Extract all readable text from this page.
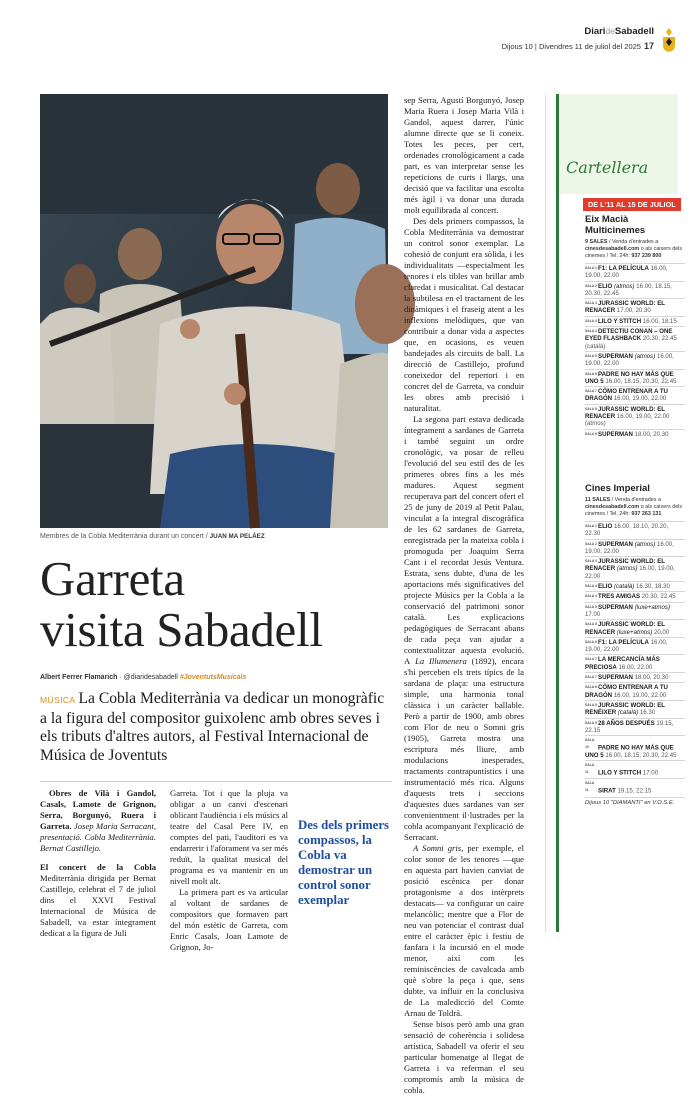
DiarideSabadell
Dijous 10 | Divendres 11 de juliol del 2025 17
Membres de la Cobla Mediterrània durant un concert / JUAN MA PELÁEZ
Garreta
visita Sabadell
Albert Ferrer Flamarich · @diaridesabadell #JoventutsMusicals
MÚSICA La Cobla Mediterrània va dedicar un monogràfic a la figura del compositor guixolenc amb obres seves i els tributs d'altres autors, al Festival Internacional de Música de Joventuts

Obres de Vilà i Gandol, Casals, Lamote de Grignon, Serra, Borgunyó, Ruera i Garreta. Josep Maria Serracant, presentació. Cobla Mediterrània. Bernat Castillejo.

El concert de la Cobla Mediterrània dirigida per Bernat Castillejo, celebrat el 7 de juliol dins el XXVI Festival Internacional de Música de Sabadell, va estar íntegrament dedicat a la figura de Juli

Garreta. Tot i que la pluja va obligar a un canvi d'escenari oblicant l'audiència i els músics al teatre del Casal Pere IV, en comptes del pati, l'auditori es va endarrerir i l'aforament va ser més reduït, la qualitat musical del programa es va mantenir en un nivell molt alt.

La primera part es va articular al voltant de sardanes de compositors que formaven part del món estètic de Garreta, com Enric Casals, Joan Lamote de Grignon, Jo-

Des dels primers compassos, la Cobla va demostrar un control sonor exemplar

sep Serra, Agustí Borgunyó, Josep Maria Ruera i Josep Maria Vilà i Gandol, aquest darrer, l'únic alumne directe que se li coneix. Totes les peces, per cert, ordenades cronològicament a cada part, es van interpretar sense les repeticions de curts i llargs, una decisió que va facilitar una escolta més àgil i va donar una durada molt equilibrada al concert.

Des dels primers compassos, la Cobla Mediterrània va demostrar un control sonor exemplar. La cohesió de conjunt era sòlida, i les individualitats —especialment les tenores i els tibles van brillar amb claredat i musicalitat. Cal destacar la subtilesa en el tractament de les dinàmiques i el fraseig atent a les inflexions melòdiques, que van contribuir a donar vida a aspectes que, en ocasions, es veuen bandejades als circuits de ball. La direcció de Castillejo, profund coneixedor del repertori i en concret del de Garreta, va conduir les obres amb precisió i naturalitat.

La segona part estava dedicada íntegrament a sardanes de Garreta i també seguint un ordre cronològic, va posar de relleu l'evolució del seu estil des de les primeres obres fins a les més madures. Aquest segment recuperava part del concert ofert el 25 de juny de 2019 al Petit Palau, vinculat a la integral discogràfica de les 62 sardanes de Garreta, enregistrada per la mateixa cobla i promoguda per Joaquim Serra Cant i el recordat Jesús Ventura. Estrata, sens dubte, d'una de les aportacions més significatives del projecte Músics per la Cobla a la conservació del patrimoni sonor català. Les explicacions pedagògiques de Serracant abans de cada peça van ajudar a contextualitzar aquesta evolució. A La Illumenera (1892), encara s'hi perceben els trets típics de la sardana de plaça: una estructura simple, una harmonia tonal clàssica i un caràcter ballable. Però a partir de 1900, amb obres com Flor de neu o Somni gris (1905), Garreta mostra una escriptura més lliure, amb modulacions inesperades, tractaments contrapuntístics i una instrumentació més rica. Alguns d'aquests trets i seccions d'aquestes dues sardanes van ser convenientment il·lustrades per la cobla acompanyant l'explicació de Serracant.

A Somni gris, per exemple, el color sonor de les tenores —que en aquesta part havien canviat de posició escènica per donar protagonisme a dos intèrprets destacats— va configurar un caire melancòlic; mentre que a Flor de neu van potenciar el contrast dual entre el caràcter èpic i festiu de fanfara i la incursió en el mode menor, així com les reminiscències de cavalcada amb què s'obre la peça i que, sens dubte, va influir en la conclusiva de La maledicció del Comte Arnau de Toldrà.

Sense bisos però amb una gran sensació de coherència i solidesa artística, Sabadell va oferir el seu particular homenatge al llegat de Garreta i va referman el seu compromís amb la música de cobla.

Cartellera
DE L'11 AL 15 DE JULIOL
Eix Macià Multicinemes
9 SALES / Venda d'entrades a cinesdesabadell.com o als caixers dels cinemes / Tel. 24h: 937 239 800
SALA 1F1: LA PELÍCULA 16.00, 19.00, 22.00
SALA 2ELIO (atmos) 16.00, 18.15, 20.30, 22.45
SALA 3JURASSIC WORLD: EL RENACER 17.00, 20.30
SALA 4LILO Y STITCH 16.00, 18.15
SALA 4DETECTIU CONAN – ONE EYED FLASHBACK 20.30, 22.45 (català)
SALA 5SUPERMAN (atmos) 16.00, 19.00, 22.00
SALA 6PADRE NO HAY MÁS QUE UNO 5 16.00, 18.15, 20.30, 22.45
SALA 7CÓMO ENTRENAR A TU DRAGÓN 16.00, 19.00, 22.00
SALA 8JURASSIC WORLD: EL RENACER 16.00, 19.00, 22.00 (atmos)
SALA 9SUPERMAN 18.00, 20.30
Cines Imperial
11 SALES / Venda d'entrades a cinesdesabadell.com o als caixers dels cinemes / Tel. 24h: 937 263 131
SALA 1ELIO 16.00, 18.10, 20.20, 22.30
SALA 2SUPERMAN (atmos) 16.00, 19.00, 22.00
SALA 3JURASSIC WORLD: EL RENACER (atmos) 16.00, 19.00, 22.00
SALA 4ELIO (català) 16.30, 18.30
SALA 4TRES AMIGAS 20.30, 22.45
SALA 5SUPERMAN (luxe+atmos) 17.00
SALA 5JURASSIC WORLD: EL RENACER (luxe+atmos) 20.00
SALA 6F1: LA PELÍCULA 16.00, 19.00, 22.00
SALA 7LA MERCANCÍA MÁS PRECIOSA 16.00, 22.00
SALA 7SUPERMAN 18.00, 20.30
SALA 8CÓMO ENTRENAR A TU DRAGÓN 16.00, 19.00, 22.00
SALA 9JURASSIC WORLD: EL RENÉIXER (català) 16.30
SALA 928 AÑOS DESPUÉS 19.15, 22.15
SALA 10 PADRE NO HAY MÁS QUE UNO 5 16.00, 18.15, 20.30, 22.45
SALA 11 LILO Y STITCH 17.00
SALA 11 SIRAT 19.15, 22.15
Dijous 10 "DIAMANTI" en V.O.S.E.
